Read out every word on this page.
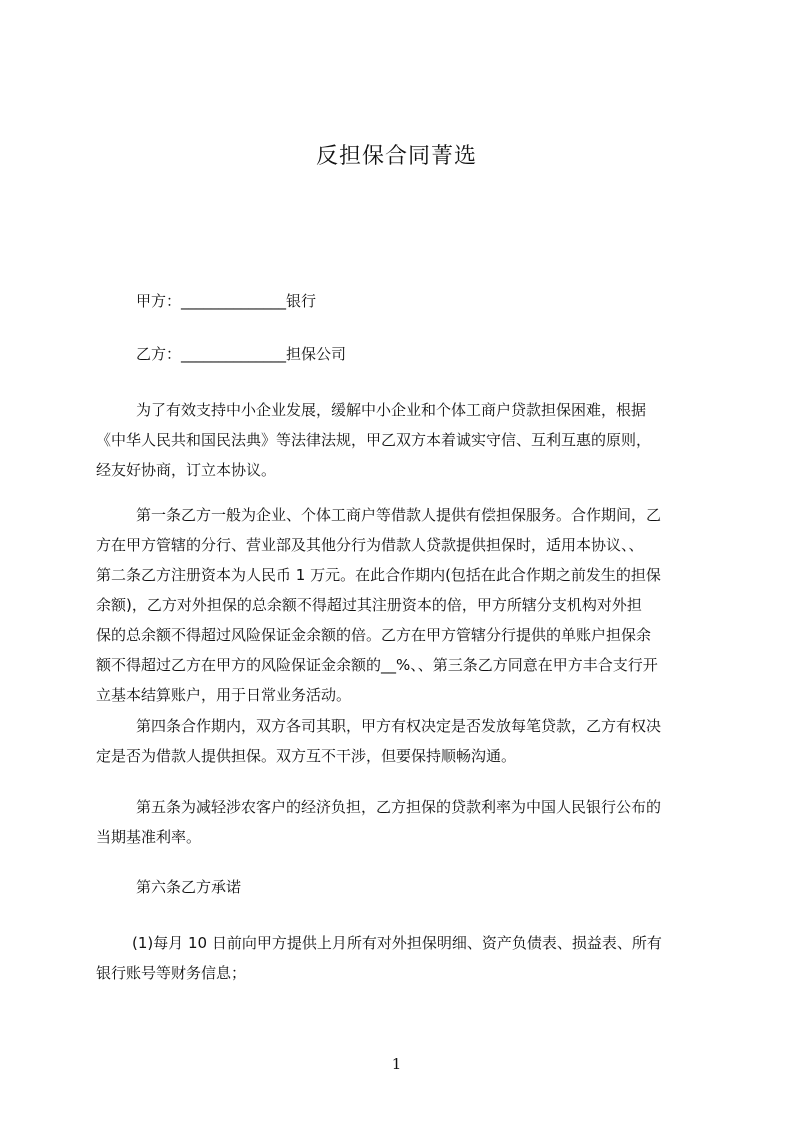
反担保合同菁选
甲方：______________银行
乙方：______________担保公司
为了有效支持中小企业发展，缓解中小企业和个体工商户贷款担保困难，根据
《中华人民共和国民法典》等法律法规，甲乙双方本着诚实守信、互利互惠的原则，
经友好协商，订立本协议。
第一条乙方一般为企业、个体工商户等借款人提供有偿担保服务。合作期间，乙
方在甲方管辖的分行、营业部及其他分行为借款人贷款提供担保时，适用本协议、、
第二条乙方注册资本为人民币 1 万元。在此合作期内(包括在此合作期之前发生的担保
余额)，乙方对外担保的总余额不得超过其注册资本的倍，甲方所辖分支机构对外担
保的总余额不得超过风险保证金余额的倍。乙方在甲方管辖分行提供的单账户担保余
额不得超过乙方在甲方的风险保证金余额的__%、、第三条乙方同意在甲方丰合支行开
立基本结算账户，用于日常业务活动。
第四条合作期内，双方各司其职，甲方有权决定是否发放每笔贷款，乙方有权决
定是否为借款人提供担保。双方互不干涉，但要保持顺畅沟通。
第五条为减轻涉农客户的经济负担，乙方担保的贷款利率为中国人民银行公布的
当期基准利率。
第六条乙方承诺
(1)每月 10 日前向甲方提供上月所有对外担保明细、资产负债表、损益表、所有
银行账号等财务信息；
1
